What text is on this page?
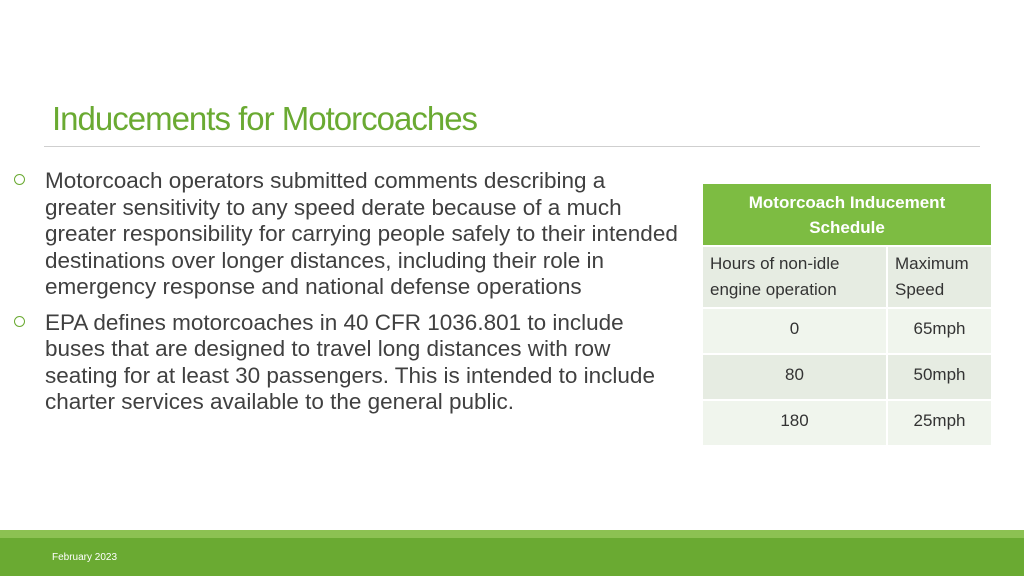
Inducements for Motorcoaches
Motorcoach operators submitted comments describing a greater sensitivity to any speed derate because of a much greater responsibility for carrying people safely to their intended destinations over longer distances, including their role in emergency response and national defense operations
EPA defines motorcoaches in 40 CFR 1036.801 to include buses that are designed to travel long distances with row seating for at least 30 passengers. This is intended to include charter services available to the general public.
Motorcoach Inducement Schedule	
Hours of non-idle engine operation	Maximum Speed
0	65mph
80	50mph
180	25mph
February 2023
